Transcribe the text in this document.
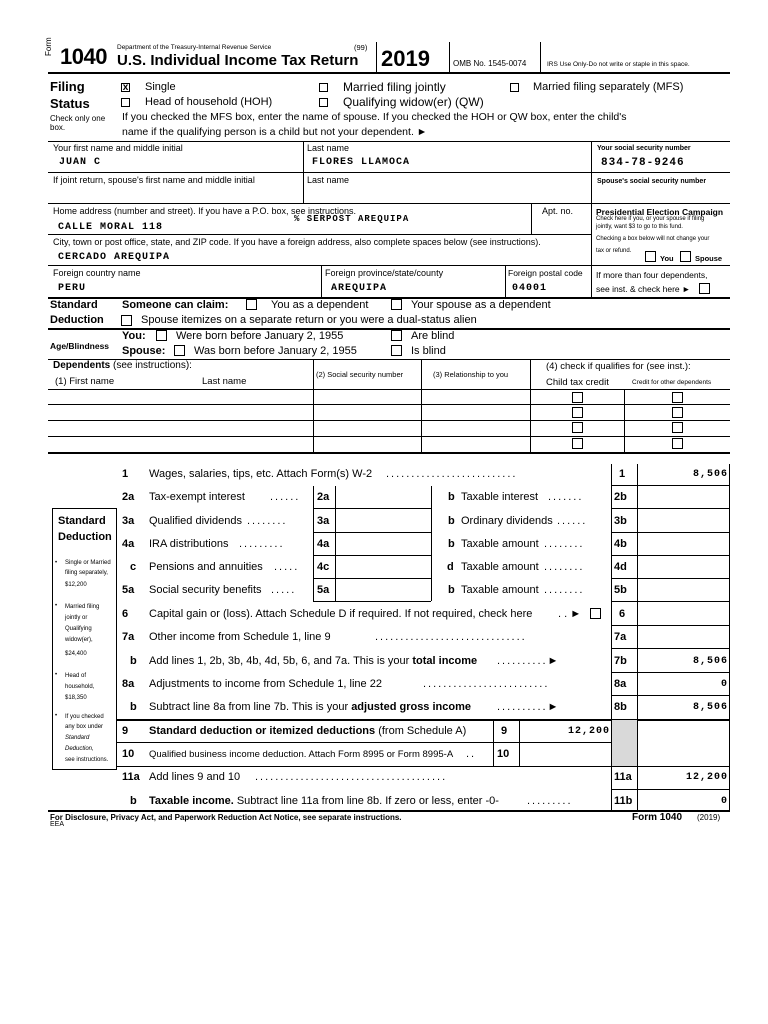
Form 1040 Department of the Treasury-Internal Revenue Service	(99)
U.S. Individual Income Tax Return 2019	OMB No. 1545-0074	IRS Use Only-Do not write or staple in this space.
Filing
Status
Check only one box.
x Single	Married filing jointly	Married filing separately (MFS)
Head of household (HOH)	Qualifying widow(er) (QW)
If you checked the MFS box, enter the name of spouse. If you checked the HOH or QW box, enter the child's
name if the qualifying person is a child but not your dependent. ►
Your first name and middle initial
JUAN C
Last name
FLORES LLAMOCA
Your social security number
834-78-9246
If joint return, spouse's first name and middle initial	Last name	Spouse's social security number
Home address (number and street). If you have a P.O. box, see instructions.
% SERPOST AREQUIPA
CALLE MORAL 118
Apt. no.	Presidential Election Campaign
Check here if you, or your spouse if filing
jointly, want $3 to go to this fund.
Checking a box below will not change your
tax or refund.
You	Spouse
City, town or post office, state, and ZIP code. If you have a foreign address, also complete spaces below (see instructions).
CERCADO AREQUIPA
Foreign country name
PERU
Foreign province/state/county
AREQUIPA
Foreign postal code
04001
If more than four dependents,
see inst. & check here ►
Standard
Deduction
Someone can claim:	You as a dependent	Your spouse as a dependent
Spouse itemizes on a separate return or you were a dual-status alien
Age/Blindness
You:	Were born before January 2, 1955	Are blind
Spouse:	Was born before January 2, 1955	Is blind
Dependents (see instructions):
(1) First name	Last name
(2) Social security number	(3) Relationship to you
(4) check if qualifies for (see inst.):
Child tax credit	Credit for other dependents
1 Wages, salaries, tips, etc. Attach Form(s) W-2 ..........................	1	8,506
2a Tax-exempt interest ...... 2a	b Taxable interest .......	2b
3a Qualified dividends ........	3a	b Ordinary dividends ...... 3b
4a IRA distributions .........	4a	b Taxable amount ........	4b
c Pensions and annuities ..... 4c	d Taxable amount ........	4d
5a Social security benefits ..... 5a	b Taxable amount ........	5b
6 Capital gain or (loss). Attach Schedule D if required. If not required, check here . . ►	6
7a Other income from Schedule 1, line 9	..............................	7a
b Add lines 1, 2b, 3b, 4b, 4d, 5b, 6, and 7a. This is your total income ..........►	7b	8,506
8a Adjustments to income from Schedule 1, line 22	.........................	8a	0
b Subtract line 8a from line 7b. This is your adjusted gross income ..........►	8b	8,506
9 Standard deduction or itemized deductions (from Schedule A)	9	12,200
10 Qualified business income deduction. Attach Form 8995 or Form 8995-A .. 10
11a Add lines 9 and 10 ......................................	11a	12,200
b Taxable income. Subtract line 11a from line 8b. If zero or less, enter -0-	.........	11b	0
Standard
Deduction
• Single or Married
filing separately,
$12,200
• Married filing
jointly or
Qualifying
widow(er),
$24,400
• Head of
household,
$18,350
• If you checked
any box under
Standard
Deduction,
see instructions.
For Disclosure, Privacy Act, and Paperwork Reduction Act Notice, see separate instructions.
EEA
Form 1040 (2019)
